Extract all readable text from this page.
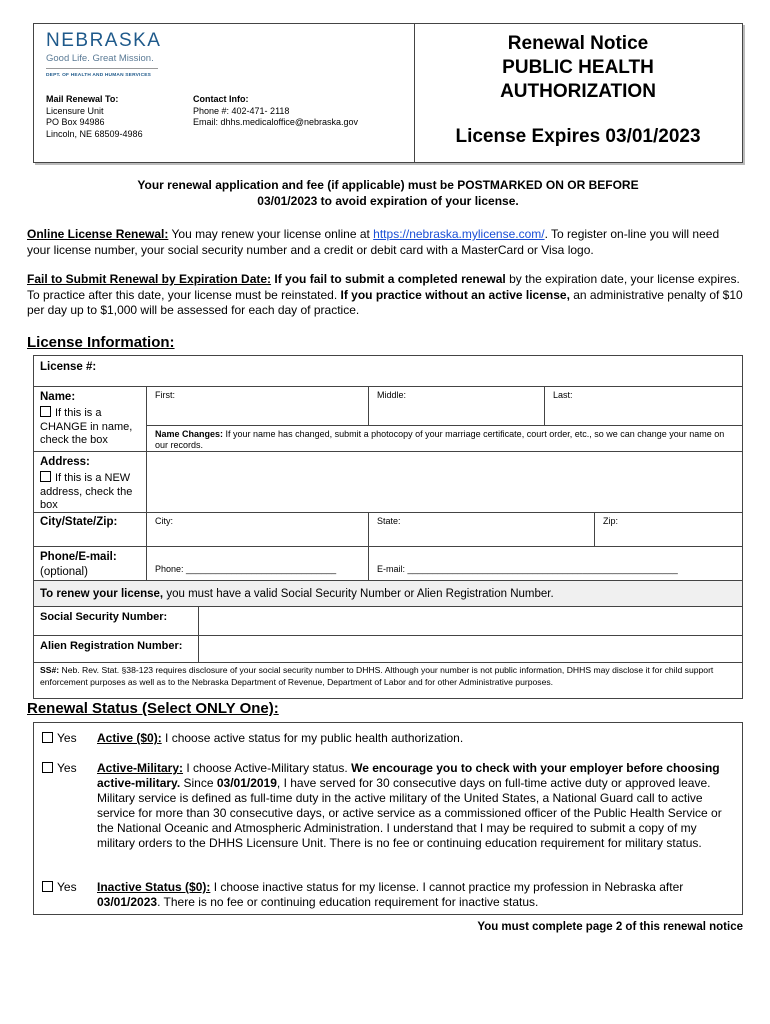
NEBRASKA
Good Life. Great Mission.
DEPT. OF HEALTH AND HUMAN SERVICES
Mail Renewal To:
Licensure Unit
PO Box 94986
Lincoln, NE 68509-4986
Contact Info:
Phone #: 402-471- 2118
Email: dhhs.medicaloffice@nebraska.gov
Renewal Notice
PUBLIC HEALTH
AUTHORIZATION
License Expires 03/01/2023
Your renewal application and fee (if applicable) must be POSTMARKED ON OR BEFORE
03/01/2023 to avoid expiration of your license.
Online License Renewal: You may renew your license online at https://nebraska.mylicense.com/. To register on-line you will need your license number, your social security number and a credit or debit card with a MasterCard or Visa logo.
Fail to Submit Renewal by Expiration Date: If you fail to submit a completed renewal by the expiration date, your license expires. To practice after this date, your license must be reinstated. If you practice without an active license, an administrative penalty of $10 per day up to $1,000 will be assessed for each day of practice.
License Information:
License #:
Name:
If this is a CHANGE in name, check the box
First:	Middle:	Last:
Name Changes: If your name has changed, submit a photocopy of your marriage certificate, court order, etc., so we can change your name on our records.
Address:
If this is a NEW address, check the box
City/State/Zip:	City:	State:	Zip:
Phone/E-mail:
(optional)	Phone: ______________________________	E-mail: ______________________________________________________
To renew your license, you must have a valid Social Security Number or Alien Registration Number.
Social Security Number:
Alien Registration Number:
SS#: Neb. Rev. Stat. §38-123 requires disclosure of your social security number to DHHS. Although your number is not public information, DHHS may disclose it for child support enforcement purposes as well as to the Nebraska Department of Revenue, Department of Labor and for other Administrative purposes.
Renewal Status (Select ONLY One):
Yes Active ($0): I choose active status for my public health authorization.
Yes Active-Military: I choose Active-Military status. We encourage you to check with your employer before choosing active-military. Since 03/01/2019, I have served for 30 consecutive days on full-time active duty or approved leave. Military service is defined as full-time duty in the active military of the United States, a National Guard call to active service for more than 30 consecutive days, or active service as a commissioned officer of the Public Health Service or the National Oceanic and Atmospheric Administration. I understand that I may be required to submit a copy of my military orders to the DHHS Licensure Unit. There is no fee or continuing education requirement for military status.
Yes Inactive Status ($0): I choose inactive status for my license. I cannot practice my profession in Nebraska after 03/01/2023. There is no fee or continuing education requirement for inactive status.
You must complete page 2 of this renewal notice
